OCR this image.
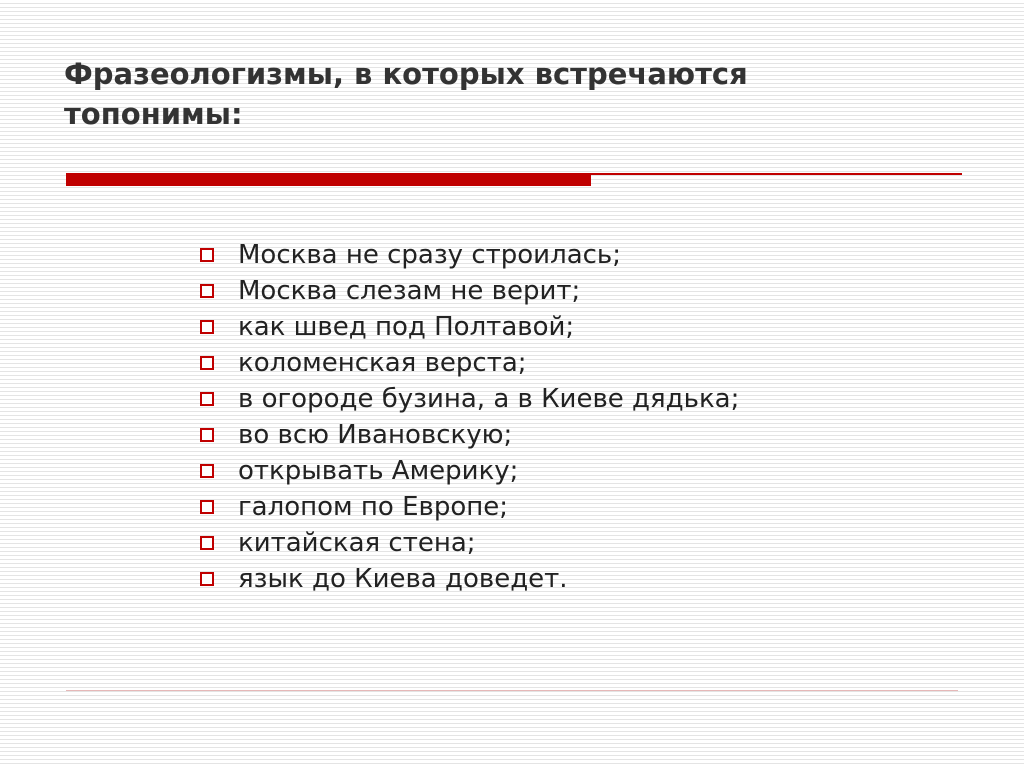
Фразеологизмы, в которых встречаются
топонимы:
Москва не сразу строилась;
Москва слезам не верит;
как швед под Полтавой;
коломенская верста;
в огороде бузина, а в Киеве дядька;
во всю Ивановскую;
открывать Америку;
галопом по Европе;
китайская стена;
язык до Киева доведет.
